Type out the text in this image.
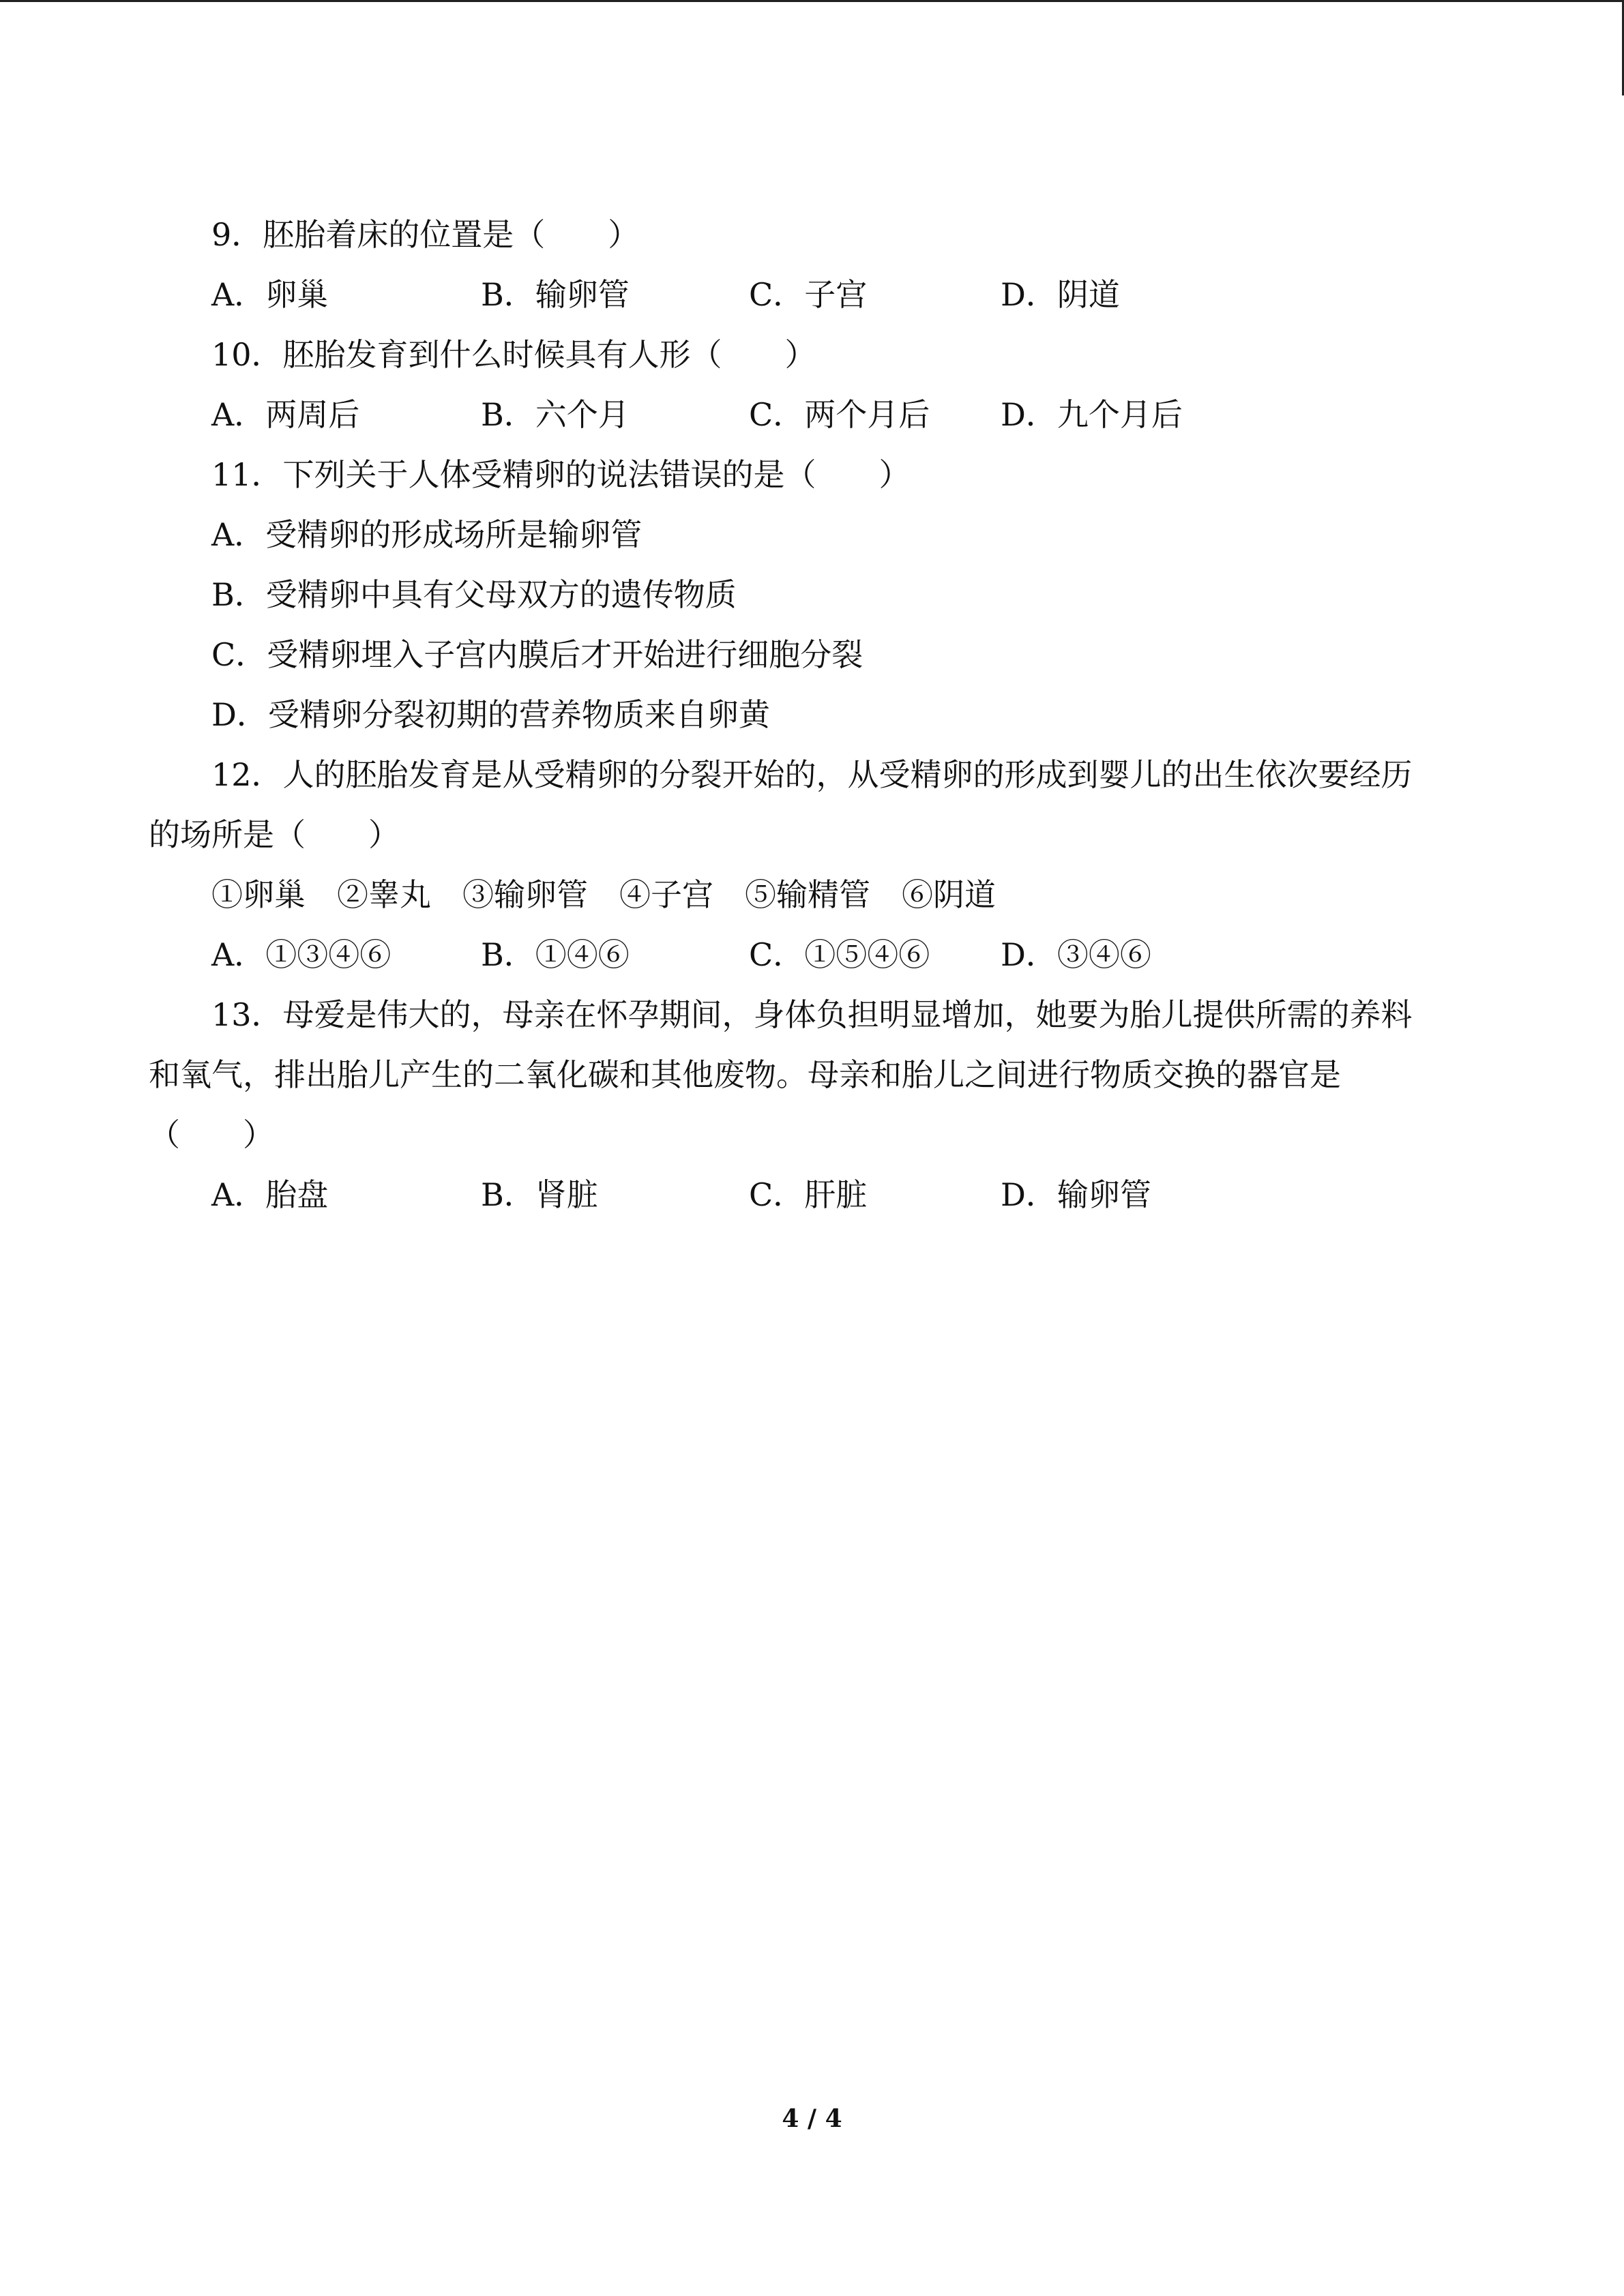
9．胚胎着床的位置是（　　）
A．卵巢	B．输卵管	C．子宫	D．阴道
10．胚胎发育到什么时候具有人形（　　）
A．两周后	B．六个月	C．两个月后 D．九个月后
11．下列关于人体受精卵的说法错误的是（　　）
A．受精卵的形成场所是输卵管
B．受精卵中具有父母双方的遗传物质
C．受精卵埋入子宫内膜后才开始进行细胞分裂
D．受精卵分裂初期的营养物质来自卵黄
12．人的胚胎发育是从受精卵的分裂开始的，从受精卵的形成到婴儿的出生依次要经历
的场所是（　　）
①卵巢　②睾丸　③输卵管　④子宫　⑤输精管　⑥阴道
A．①③④⑥	B．①④⑥	C．①⑤④⑥ D．③④⑥
13．母爱是伟大的，母亲在怀孕期间，身体负担明显增加，她要为胎儿提供所需的养料
和氧气，排出胎儿产生的二氧化碳和其他废物。母亲和胎儿之间进行物质交换的器官是
（　　）
A．胎盘	B．肾脏	C．肝脏	D．输卵管
4 / 4
